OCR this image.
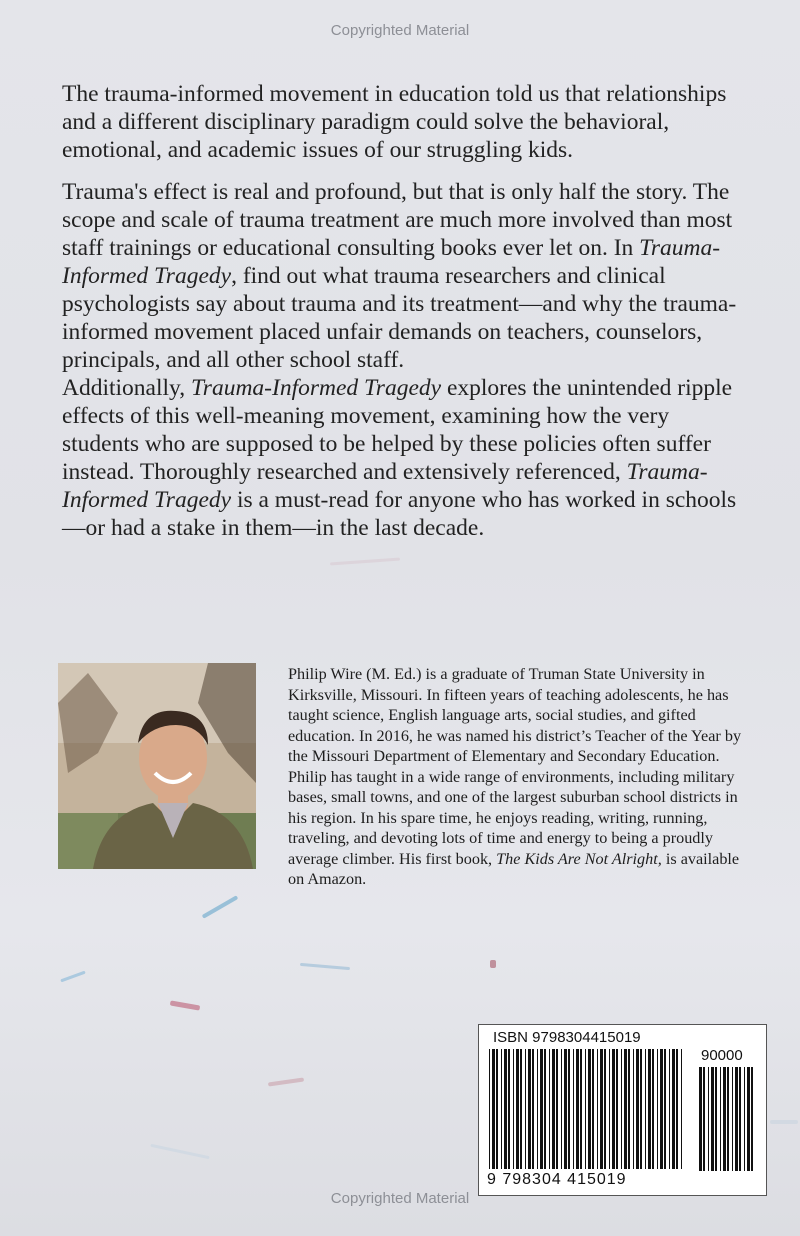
Copyrighted Material

The trauma-informed movement in education told us that relationships and a different disciplinary paradigm could solve the behavioral, emotional, and academic issues of our struggling kids.

Trauma's effect is real and profound, but that is only half the story. The scope and scale of trauma treatment are much more involved than most staff trainings or educational consulting books ever let on. In Trauma-Informed Tragedy, find out what trauma researchers and clinical psychologists say about trauma and its treatment—and why the trauma-informed movement placed unfair demands on teachers, counselors, principals, and all other school staff.

Additionally, Trauma-Informed Tragedy explores the unintended ripple effects of this well-meaning movement, examining how the very students who are supposed to be helped by these policies often suffer instead. Thoroughly researched and extensively referenced, Trauma-Informed Tragedy is a must-read for anyone who has worked in schools—or had a stake in them—in the last decade.

Philip Wire (M. Ed.) is a graduate of Truman State University in Kirksville, Missouri. In fifteen years of teaching adolescents, he has taught science, English language arts, social studies, and gifted education. In 2016, he was named his district’s Teacher of the Year by the Missouri Department of Elementary and Secondary Education. Philip has taught in a wide range of environments, including military bases, small towns, and one of the largest suburban school districts in his region. In his spare time, he enjoys reading, writing, running, traveling, and devoting lots of time and energy to being a proudly average climber. His first book, The Kids Are Not Alright, is available on Amazon.

ISBN 9798304415019
90000
9 798304 415019
Copyrighted Material
